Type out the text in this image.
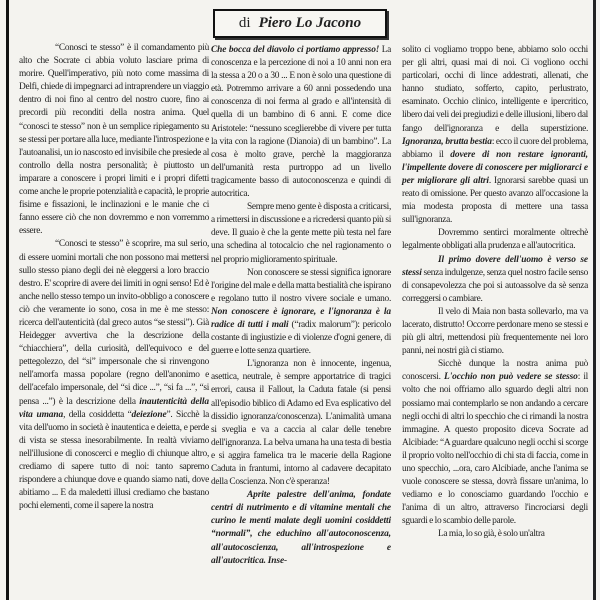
di Piero Lo Jacono

“Conosci te stesso” è il comandamento più alto che Socrate ci abbia voluto lasciare prima di morire. Quell'imperativo, più noto come massima di Delfi, chiede di impegnarci ad intraprendere un viaggio dentro di noi fino al centro del nostro cuore, fino ai precordi più reconditi della nostra anima. Quel “conosci te stesso” non è un semplice ripiegamento su se stessi per portare alla luce, mediante l'introspezione e l'autoanalisi, un io nascosto ed invisibile che presiede al controllo della nostra personalità; è piuttosto un imparare a conoscere i propri limiti e i propri difetti come anche le proprie potenzialità e capacità, le proprie fisime e fissazioni, le inclinazioni e le manie che ci fanno essere ciò che non dovremmo e non vorremmo essere.

“Conosci te stesso” è scoprire, ma sul serio, di essere uomini mortali che non possono mai mettersi sullo stesso piano degli dei nè eleggersi a loro braccio destro. E' scoprire di avere dei limiti in ogni senso! Ed è anche nello stesso tempo un invito-obbligo a conoscere ciò che veramente io sono, cosa in me è me stesso: ricerca dell'autenticità (dal greco autos “se stessi”). Già Heidegger avvertiva che la descrizione della “chiacchiera”, della curiosità, dell'equivoco e del pettegolezzo, del “si” impersonale che si rinvengono nell'amorfa massa popolare (regno dell'anonimo e dell'acefalo impersonale, del “si dice ...”, “si fa ...”, “si pensa ...”) è la descrizione della inautenticità della vita umana, della cosiddetta “deiezione”. Sicchè la vita dell'uomo in società è inautentica e deietta, e perde di vista se stessa inesorabilmente. In realtà viviamo nell'illusione di conoscerci e meglio di chiunque altro, crediamo di sapere tutto di noi: tanto sapremo rispondere a chiunque dove e quando siamo nati, dove abitiamo ... E da maledetti illusi crediamo che bastano pochi elementi, come il sapere la nostra

Che bocca del diavolo ci portiamo appresso! La conoscenza e la percezione di noi a 10 anni non era la stessa a 20 o a 30 ... E non è solo una questione di età. Potremmo arrivare a 60 anni possedendo una conoscenza di noi ferma al grado e all'intensità di quella di un bambino di 6 anni. E come dice Aristotele: “nessuno sceglierebbe di vivere per tutta la vita con la ragione (Dianoia) di un bambino”. La cosa è molto grave, perchè la maggioranza dell'umanità resta purtroppo ad un livello tragicamente basso di autoconoscenza e quindi di autocritica.

Sempre meno gente è disposta a criticarsi, a rimettersi in discussione e a ricredersi quanto più si deve. Il guaio è che la gente mette più testa nel fare una schedina al totocalcio che nel ragionamento o nel proprio miglioramento spirituale.

Non conoscere se stessi significa ignorare l'origine del male e della matta bestialità che ispirano e regolano tutto il nostro vivere sociale e umano. Non conoscere è ignorare, e l'ignoranza è la radice di tutti i mali (“radix malorum”): pericolo costante di ingiustizie e di violenze d'ogni genere, di guerre e lotte senza quartiere.

L'ignoranza non è innocente, ingenua, asettica, neutrale, è sempre apportatrice di tragici errori, causa il Fallout, la Caduta fatale (si pensi all'episodio biblico di Adamo ed Eva esplicativo del dissidio ignoranza/conoscenza). L'animalità umana si sveglia e va a caccia al calar delle tenebre dell'ignoranza. La belva umana ha una testa di bestia e si aggira famelica tra le macerie della Ragione Caduta in frantumi, intorno al cadavere decapitato della Coscienza. Non c'è speranza!

Aprite palestre dell'anima, fondate centri di nutrimento e di vitamine mentali che curino le menti malate degli uomini cosiddetti “normali”, che educhino all'autoconoscenza, all'autocoscienza, all'introspezione e all'autocritica. Inse-

solito ci vogliamo troppo bene, abbiamo solo occhi per gli altri, quasi mai di noi. Ci vogliono occhi particolari, occhi di lince addestrati, allenati, che hanno studiato, sofferto, capito, perlustrato, esaminato. Occhio clinico, intelligente e ipercritico, libero dai veli dei pregiudizi e delle illusioni, libero dal fango dell'ignoranza e della superstizione. Ignoranza, brutta bestia: ecco il cuore del problema, abbiamo il dovere di non restare ignoranti, l'impellente dovere di conoscere per migliorarci e per migliorare gli altri. Ignorarsi sarebbe quasi un reato di omissione. Per questo avanzo all'occasione la mia modesta proposta di mettere una tassa sull'ignoranza.

Dovremmo sentirci moralmente oltrechè legalmente obbligati alla prudenza e all'autocritica.

Il primo dovere dell'uomo è verso se stessi senza indulgenze, senza quel nostro facile senso di consapevolezza che poi si autoassolve da sè senza correggersi o cambiare.

Il velo di Maia non basta sollevarlo, ma va lacerato, distrutto! Occorre perdonare meno se stessi e più gli altri, mettendosi più frequentemente nei loro panni, nei nostri già ci stiamo.

Sicchè dunque la nostra anima può conoscersi. L'occhio non può vedere se stesso: il volto che noi offriamo allo sguardo degli altri non possiamo mai contemplarlo se non andando a cercare negli occhi di altri lo specchio che ci rimandi la nostra immagine. A questo proposito diceva Socrate ad Alcibiade: “A guardare qualcuno negli occhi si scorge il proprio volto nell'occhio di chi sta di faccia, come in uno specchio, ...ora, caro Alcibiade, anche l'anima se vuole conoscere se stessa, dovrà fissare un'anima, lo vediamo e lo conosciamo guardando l'occhio e l'anima di un altro, attraverso l'incrociarsi degli sguardi e lo scambio delle parole.

La mia, lo so già, è solo un'altra
